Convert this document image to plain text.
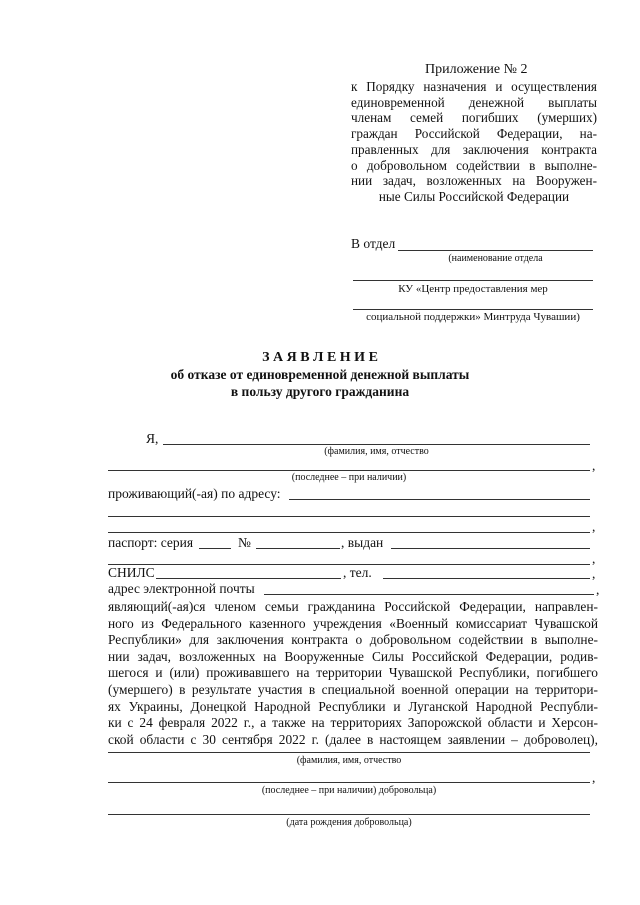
Приложение № 2
к Порядку назначения и осуществления
единовременной денежной выплаты
членам семей погибших (умерших)
граждан Российской Федерации, на-
правленных для заключения контракта
о добровольном содействии в выполне-
нии задач, возложенных на Вооружен-
ные Силы Российской Федерации
В отдел
(наименование отдела
КУ «Центр предоставления мер
социальной поддержки» Минтруда Чувашии)
З А Я В Л Е Н И Е
об отказе от единовременной денежной выплаты
в пользу другого гражданина
Я,
(фамилия, имя, отчество
,
(последнее – при наличии)
проживающий(-ая) по адресу:
,
паспорт: серия	№	, выдан
,
СНИЛС	, тел.	,
адрес электронной почты	,
являющий(-ая)ся членом семьи гражданина Российской Федерации, направлен-
ного из Федерального казенного учреждения «Военный комиссариат Чувашской
Республики» для заключения контракта о добровольном содействии в выполне-
нии задач, возложенных на Вооруженные Силы Российской Федерации, родив-
шегося и (или) проживавшего на территории Чувашской Республики, погибшего
(умершего) в результате участия в специальной военной операции на территори-
ях Украины, Донецкой Народной Республики и Луганской Народной Республи-
ки с 24 февраля 2022 г., а также на территориях Запорожской области и Херсон-
ской области с 30 сентября 2022 г. (далее в настоящем заявлении – доброволец),
(фамилия, имя, отчество
,
(последнее – при наличии) добровольца)
(дата рождения добровольца)
